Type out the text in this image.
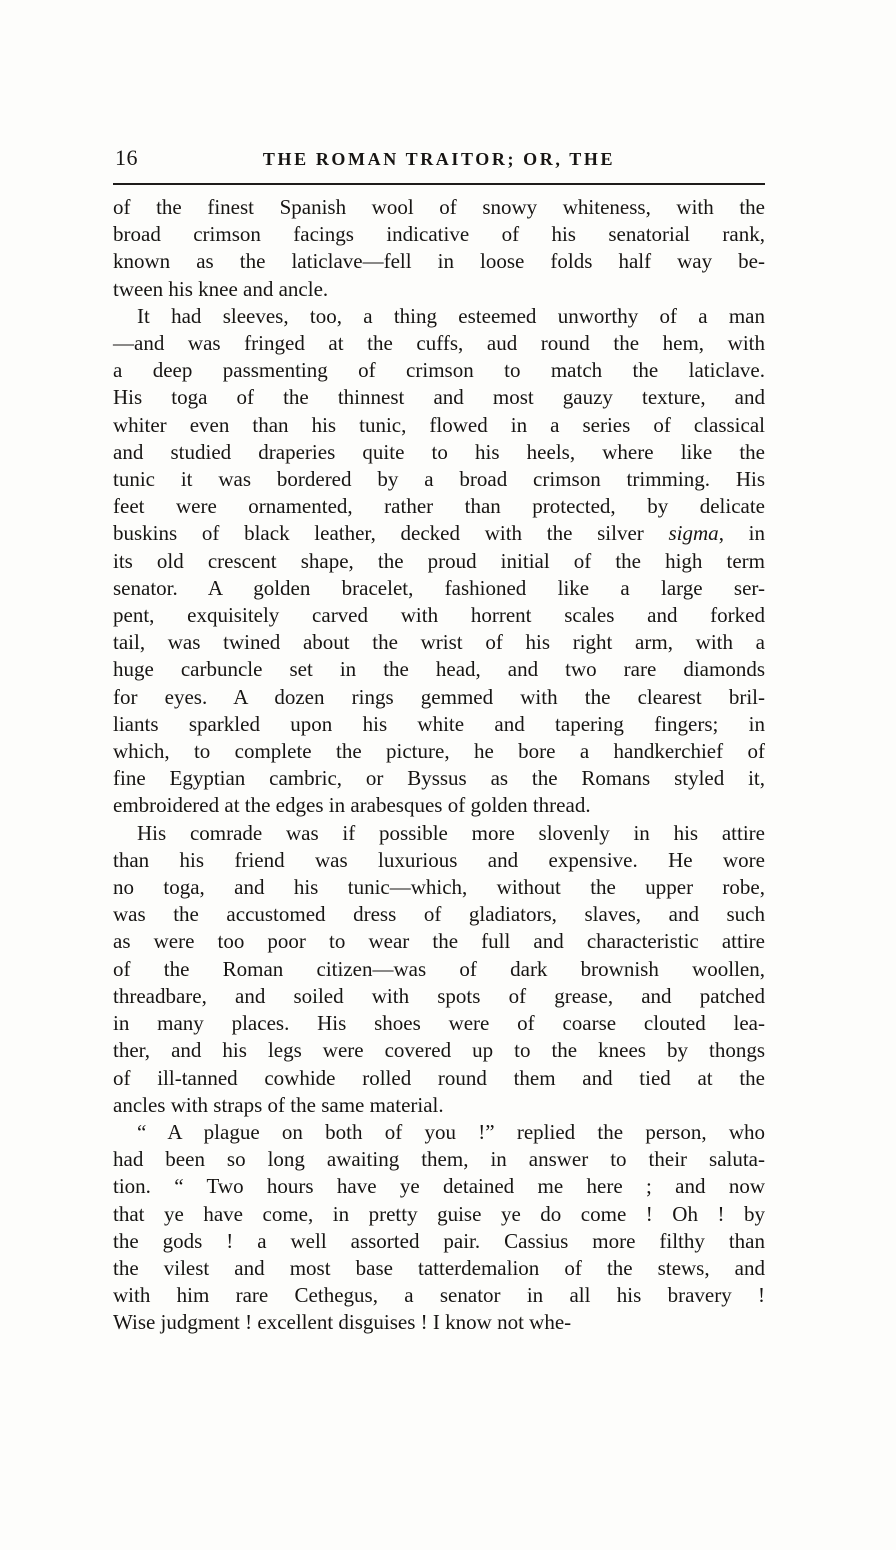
16	THE ROMAN TRAITOR; OR, THE
of the finest Spanish wool of snowy whiteness, with the
broad crimson facings indicative of his senatorial rank,
known as the laticlave—fell in loose folds half way be-
tween his knee and ancle.
It had sleeves, too, a thing esteemed unworthy of a man
—and was fringed at the cuffs, aud round the hem, with
a deep passmenting of crimson to match the laticlave.
His toga of the thinnest and most gauzy texture, and
whiter even than his tunic, flowed in a series of classical
and studied draperies quite to his heels, where like the
tunic it was bordered by a broad crimson trimming. His
feet were ornamented, rather than protected, by delicate
buskins of black leather, decked with the silver sigma, in
its old crescent shape, the proud initial of the high term
senator. A golden bracelet, fashioned like a large ser-
pent, exquisitely carved with horrent scales and forked
tail, was twined about the wrist of his right arm, with a
huge carbuncle set in the head, and two rare diamonds
for eyes. A dozen rings gemmed with the clearest bril-
liants sparkled upon his white and tapering fingers; in
which, to complete the picture, he bore a handkerchief of
fine Egyptian cambric, or Byssus as the Romans styled it,
embroidered at the edges in arabesques of golden thread.
His comrade was if possible more slovenly in his attire
than his friend was luxurious and expensive. He wore
no toga, and his tunic—which, without the upper robe,
was the accustomed dress of gladiators, slaves, and such
as were too poor to wear the full and characteristic attire
of the Roman citizen—was of dark brownish woollen,
threadbare, and soiled with spots of grease, and patched
in many places. His shoes were of coarse clouted lea-
ther, and his legs were covered up to the knees by thongs
of ill-tanned cowhide rolled round them and tied at the
ancles with straps of the same material.
“ A plague on both of you !” replied the person, who
had been so long awaiting them, in answer to their saluta-
tion. “ Two hours have ye detained me here ; and now
that ye have come, in pretty guise ye do come ! Oh ! by
the gods ! a well assorted pair. Cassius more filthy than
the vilest and most base tatterdemalion of the stews, and
with him rare Cethegus, a senator in all his bravery !
Wise judgment ! excellent disguises ! I know not whe-
